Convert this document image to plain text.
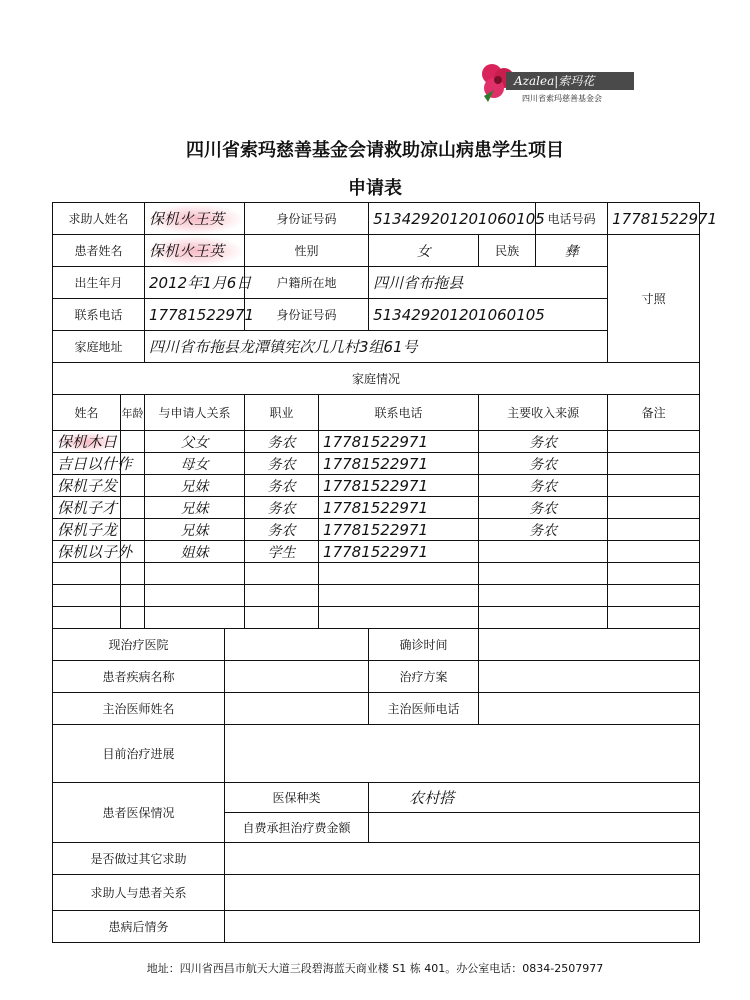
Azalea|索玛花
四川省索玛慈善基金会
四川省索玛慈善基金会请救助凉山病患学生项目
申请表
求助人姓名		保机火王英		身份证号码		513429201201060105		电话号码	17781522971
患者姓名		保机火王英		性别		女	民族	彝	寸照
出生年月		2012年1月6日		户籍所在地		四川省布拖县			
联系电话		17781522971		身份证号码		513429201201060105			
家庭地址		四川省布拖县龙潭镇宪次几几村3组61号							
家庭情况									
姓名	年龄	与申请人关系		职业	联系电话		主要收入来源		备注
保机木日		父女		务农	17781522971		务农		
吉日以什作		母女		务农	17781522971		务农		
保机子发		兄妹		务农	17781522971		务农		
保机子才		兄妹		务农	17781522971		务农		
保机子龙		兄妹		务农	17781522971		务农		
保机以子外		姐妹		学生	17781522971				

现治疗医院						确诊时间			
患者疾病名称						治疗方案			
主治医师姓名						主治医师电话			
目前治疗进展									
患者医保情况			医保种类			农村搭			
			自费承担治疗费金额						
是否做过其它求助									
求助人与患者关系									
患病后情务									
地址：四川省西昌市航天大道三段碧海蓝天商业楼 S1 栋 401。办公室电话：0834-2507977
